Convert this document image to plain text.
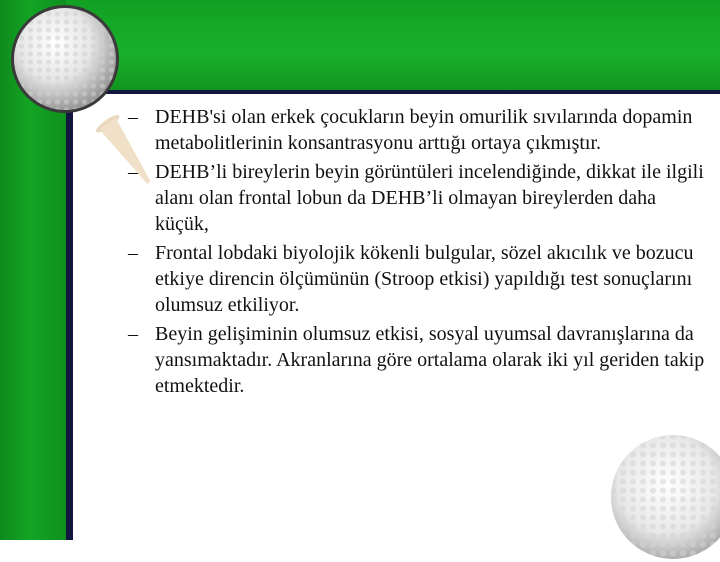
– DEHB'si olan erkek çocukların beyin omurilik sıvılarında dopamin metabolitlerinin konsantrasyonu arttığı ortaya çıkmıştır.
– DEHB’li bireylerin beyin görüntüleri incelendiğinde, dikkat ile ilgili alanı olan frontal lobun da DEHB’li olmayan bireylerden daha küçük,
– Frontal lobdaki biyolojik kökenli bulgular, sözel akıcılık ve bozucu etkiye direncin ölçümünün (Stroop etkisi) yapıldığı test sonuçlarını olumsuz etkiliyor.
– Beyin gelişiminin olumsuz etkisi, sosyal uyumsal davranışlarına da yansımaktadır. Akranlarına göre ortalama olarak iki yıl geriden takip etmektedir.
